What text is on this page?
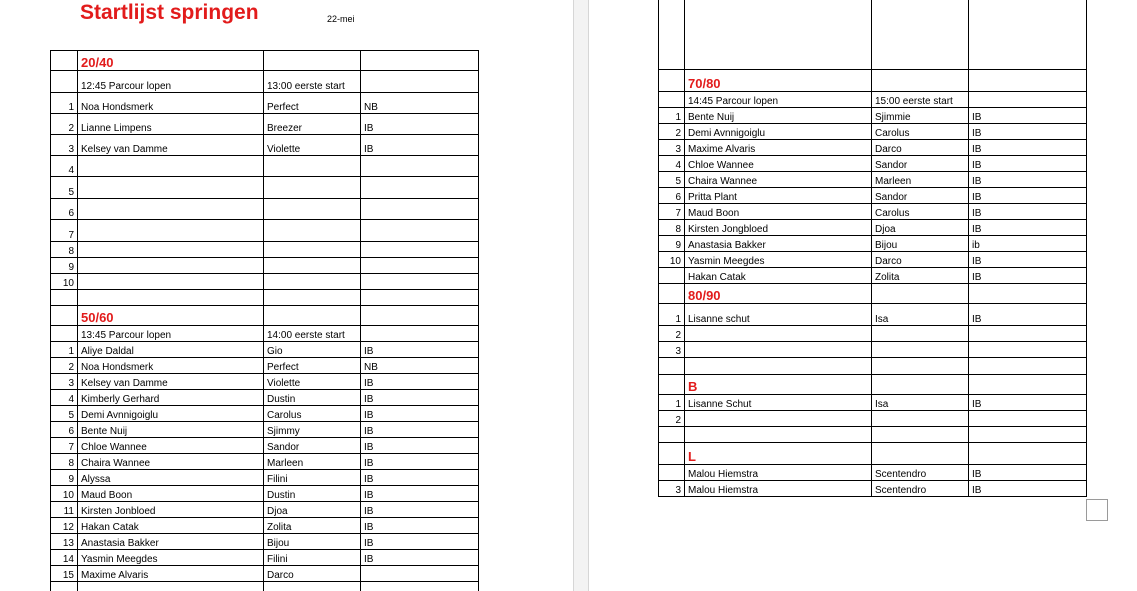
Startlijst springen	22-mei
	20/40		
	12:45 Parcour lopen	13:00 eerste start	
1	Noa Hondsmerk	Perfect	NB
2	Lianne Limpens	Breezer	IB
3	Kelsey van Damme	Violette	IB
4			
5			
6			
7			
8			
9			
10			

	50/60		
	13:45 Parcour lopen	14:00 eerste start	
1	Aliye Daldal	Gio	IB
2	Noa Hondsmerk	Perfect	NB
3	Kelsey van Damme	Violette	IB
4	Kimberly Gerhard	Dustin	IB
5	Demi Avnnigoiglu	Carolus	IB
6	Bente Nuij	Sjimmy	IB
7	Chloe Wannee	Sandor	IB
8	Chaira Wannee	Marleen	IB
9	Alyssa	Filini	IB
10	Maud Boon	Dustin	IB
11	Kirsten Jonbloed	Djoa	IB
12	Hakan Catak	Zolita	IB
13	Anastasia Bakker	Bijou	IB
14	Yasmin Meegdes	Filini	IB
15	Maxime Alvaris	Darco	

	70/80		
	14:45 Parcour lopen	15:00 eerste start	
1	Bente Nuij	Sjimmie	IB
2	Demi Avnnigoiglu	Carolus	IB
3	Maxime Alvaris	Darco	IB
4	Chloe Wannee	Sandor	IB
5	Chaira Wannee	Marleen	IB
6	Pritta Plant	Sandor	IB
7	Maud Boon	Carolus	IB
8	Kirsten Jongbloed	Djoa	IB
9	Anastasia Bakker	Bijou	ib
10	Yasmin Meegdes	Darco	IB
	Hakan Catak	Zolita	IB
	80/90		
1	Lisanne schut	Isa	IB
2			
3			

	B		
1	Lisanne Schut	Isa	IB
2			

	L		
	Malou Hiemstra	Scentendro	IB
3	Malou Hiemstra	Scentendro	IB
